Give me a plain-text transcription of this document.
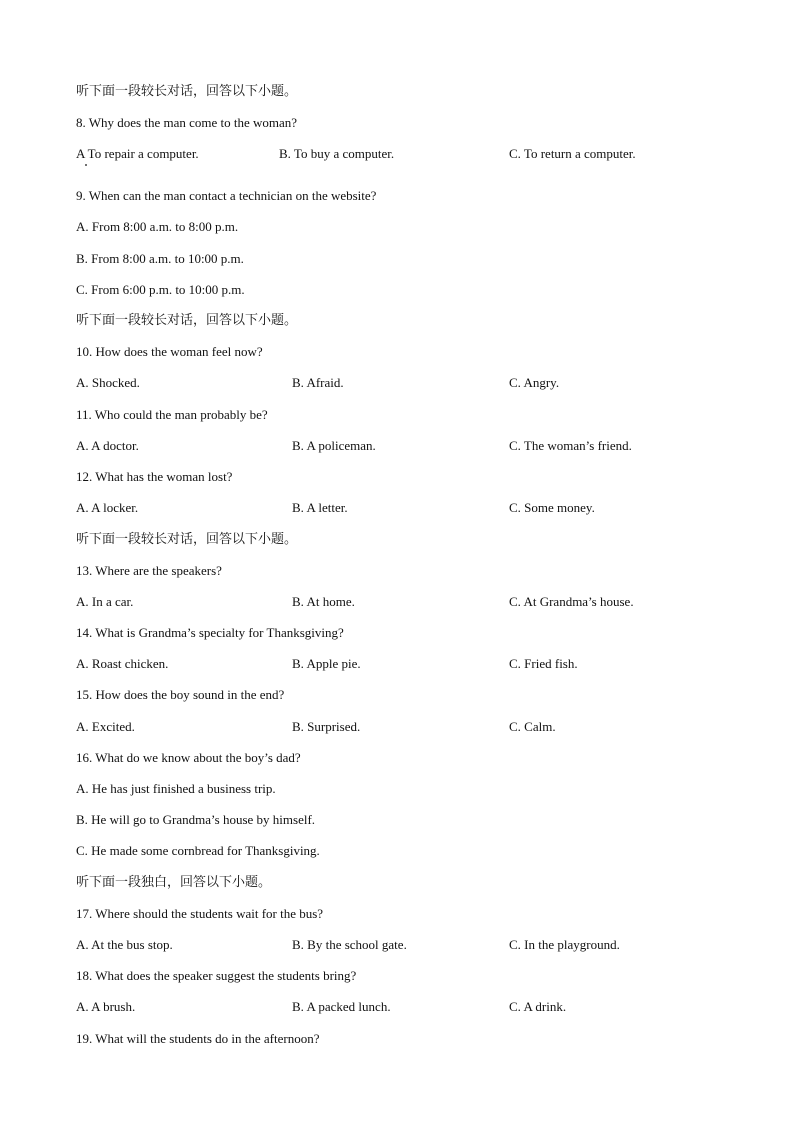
听下面一段较长对话，回答以下小题。
8. Why does the man come to the woman?
A To repair a computer.	B. To buy a computer.	C. To return a computer.
9. When can the man contact a technician on the website?
A. From 8:00 a.m. to 8:00 p.m.
B. From 8:00 a.m. to 10:00 p.m.
C. From 6:00 p.m. to 10:00 p.m.
听下面一段较长对话，回答以下小题。
10. How does the woman feel now?
A. Shocked.	B. Afraid.	C. Angry.
11. Who could the man probably be?
A. A doctor.	B. A policeman.	C. The woman’s friend.
12. What has the woman lost?
A. A locker.	B. A letter.	C. Some money.
听下面一段较长对话，回答以下小题。
13. Where are the speakers?
A. In a car.	B. At home.	C. At Grandma’s house.
14. What is Grandma’s specialty for Thanksgiving?
A. Roast chicken.	B. Apple pie.	C. Fried fish.
15. How does the boy sound in the end?
A. Excited.	B. Surprised.	C. Calm.
16. What do we know about the boy’s dad?
A. He has just finished a business trip.
B. He will go to Grandma’s house by himself.
C. He made some cornbread for Thanksgiving.
听下面一段独白，回答以下小题。
17. Where should the students wait for the bus?
A. At the bus stop.	B. By the school gate.	C. In the playground.
18. What does the speaker suggest the students bring?
A. A brush.	B. A packed lunch.	C. A drink.
19. What will the students do in the afternoon?
